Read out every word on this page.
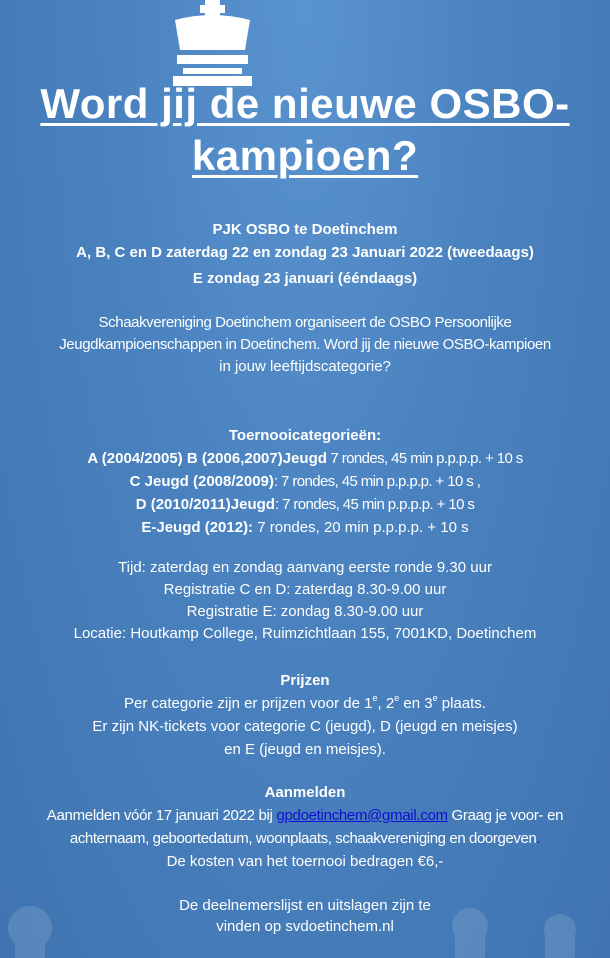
Word jij de nieuwe OSBO-
kampioen?
PJK OSBO te Doetinchem
A, B, C en D zaterdag 22 en zondag 23 Januari 2022 (tweedaags)
E zondag 23 januari (ééndaags)
Schaakvereniging Doetinchem organiseert de OSBO Persoonlijke
Jeugdkampioenschappen in Doetinchem. Word jij de nieuwe OSBO-kampioen
in jouw leeftijdscategorie?
Toernooicategorieën:
A (2004/2005) B (2006,2007)Jeugd 7 rondes, 45 min p.p.p.p. + 10 s
C Jeugd (2008/2009): 7 rondes, 45 min p.p.p.p. + 10 s ,
D (2010/2011)Jeugd: 7 rondes, 45 min p.p.p.p. + 10 s
E-Jeugd (2012): 7 rondes, 20 min p.p.p.p. + 10 s
Tijd: zaterdag en zondag aanvang eerste ronde 9.30 uur
Registratie C en D: zaterdag 8.30-9.00 uur
Registratie E: zondag 8.30-9.00 uur
Locatie: Houtkamp College, Ruimzichtlaan 155, 7001KD, Doetinchem
Prijzen
Per categorie zijn er prijzen voor de 1e, 2e en 3e plaats.
Er zijn NK-tickets voor categorie C (jeugd), D (jeugd en meisjes)
en E (jeugd en meisjes).
Aanmelden
Aanmelden vóór 17 januari 2022 bij gpdoetinchem@gmail.com Graag je voor- en
achternaam, geboortedatum, woonplaats, schaakvereniging en doorgeven.
De kosten van het toernooi bedragen €6,-
De deelnemerslijst en uitslagen zijn te
vinden op svdoetinchem.nl
